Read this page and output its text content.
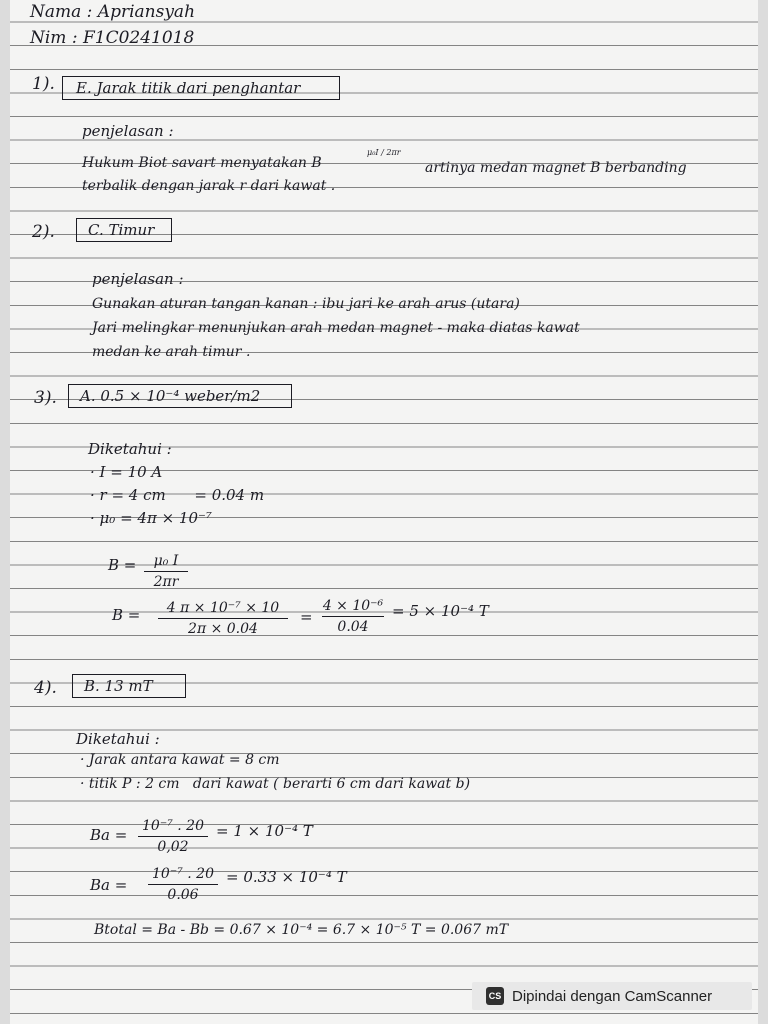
Nama : Apriansyah
Nim : F1C0241018
1). E. Jarak titik dari penghantar
penjelasan :
Hukum Biot savart menyatakan B
μ₀I / 2πr
artinya medan magnet B berbanding
terbalik dengan jarak r dari kawat .
2). C. Timur
penjelasan :
Gunakan aturan tangan kanan : ibu jari ke arah arus (utara)
Jari melingkar menunjukan arah medan magnet - maka diatas kawat
medan ke arah timur .
3). A. 0.5 × 10⁻⁴ weber/m2
Diketahui :
· I = 10 A
· r = 4 cm      = 0.04 m
· μ₀ = 4π × 10⁻⁷
B = μ₀ I
2πr
B = 4 π × 10⁻⁷ × 10
2π × 0.04
=
4 × 10⁻⁶
0.04
= 5 × 10⁻⁴ T
4). B. 13 mT
Diketahui :
· Jarak antara kawat = 8 cm
· titik P : 2 cm   dari kawat ( berarti 6 cm dari kawat b)
Ba = 10⁻⁷ . 20
0,02
= 1 × 10⁻⁴ T
Ba =
10⁻⁷ . 20
0.06
= 0.33 × 10⁻⁴ T
Btotal = Ba - Bb = 0.67 × 10⁻⁴ = 6.7 × 10⁻⁵ T = 0.067 mT
CS Dipindai dengan CamScanner
